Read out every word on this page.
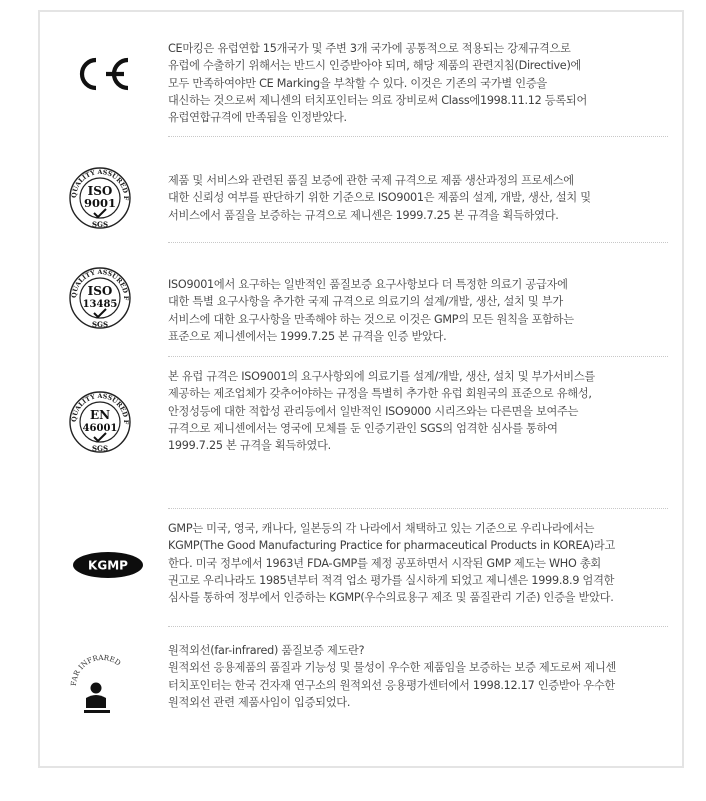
CE마킹은 유럽연합 15개국가 및 주변 3개 국가에 공통적으로 적용되는 강제규격으로
유럽에 수출하기 위해서는 반드시 인증받아야 되며, 해당 제품의 관련지침(Directive)에
모두 만족하여야만 CE Marking을 부착할 수 있다. 이것은 기존의 국가별 인증을
대신하는 것으로써 제니센의 터치포인터는 의료 장비로써 Class에1998.11.12 등록되어
유럽연합규격에 만족됨을 인정받았다.
QUALITY ASSURED F
ISO
9001
SGS
제품 및 서비스와 관련된 품질 보증에 관한 국제 규격으로 제품 생산과정의 프로세스에
대한 신뢰성 여부를 판단하기 위한 기준으로 ISO9001은 제품의 설계, 개발, 생산, 설치 및
서비스에서 품질을 보증하는 규격으로 제니센은 1999.7.25 본 규격을 획득하였다.
QUALITY ASSURED F
ISO
13485
SGS
ISO9001에서 요구하는 일반적인 품질보증 요구사항보다 더 특정한 의료기 공급자에
대한 특별 요구사항을 추가한 국제 규격으로 의료기의 설계/개발, 생산, 설치 및 부가
서비스에 대한 요구사항을 만족해야 하는 것으로 이것은 GMP의 모든 원칙을 포함하는
표준으로 제니센에서는 1999.7.25 본 규격을 인증 받았다.
QUALITY ASSURED F
EN
46001
SGS
본 유럽 규격은 ISO9001의 요구사항외에 의료기를 설계/개발, 생산, 설치 및 부가서비스를
제공하는 제조업체가 갖추어야하는 규정을 특별히 추가한 유럽 회원국의 표준으로 유해성,
안정성등에 대한 적합성 관리등에서 일반적인 ISO9000 시리즈와는 다른면을 보여주는
규격으로 제니센에서는 영국에 모체를 둔 인증기관인 SGS의 엄격한 심사를 통하여
1999.7.25 본 규격을 획득하였다.
KGMP
GMP는 미국, 영국, 캐나다, 일본등의 각 나라에서 채택하고 있는 기준으로 우리나라에서는
KGMP(The Good Manufacturing Practice for pharmaceutical Products in KOREA)라고
한다. 미국 정부에서 1963년 FDA-GMP를 제정 공포하면서 시작된 GMP 제도는 WHO 총회
권고로 우리나라도 1985년부터 적격 업소 평가를 실시하게 되었고 제니센은 1999.8.9 엄격한
심사를 통하여 정부에서 인증하는 KGMP(우수의료용구 제조 및 품질관리 기준) 인증을 받았다.
FAR INFRARED
원적외선(far-infrared) 품질보증 제도란?
원적외선 응용제품의 품질과 기능성 및 물성이 우수한 제품임을 보증하는 보증 제도로써 제니센
터치포인터는 한국 건자재 연구소의 원적외선 응용평가센터에서 1998.12.17 인증받아 우수한
원적외선 관련 제품사임이 입증되었다.
